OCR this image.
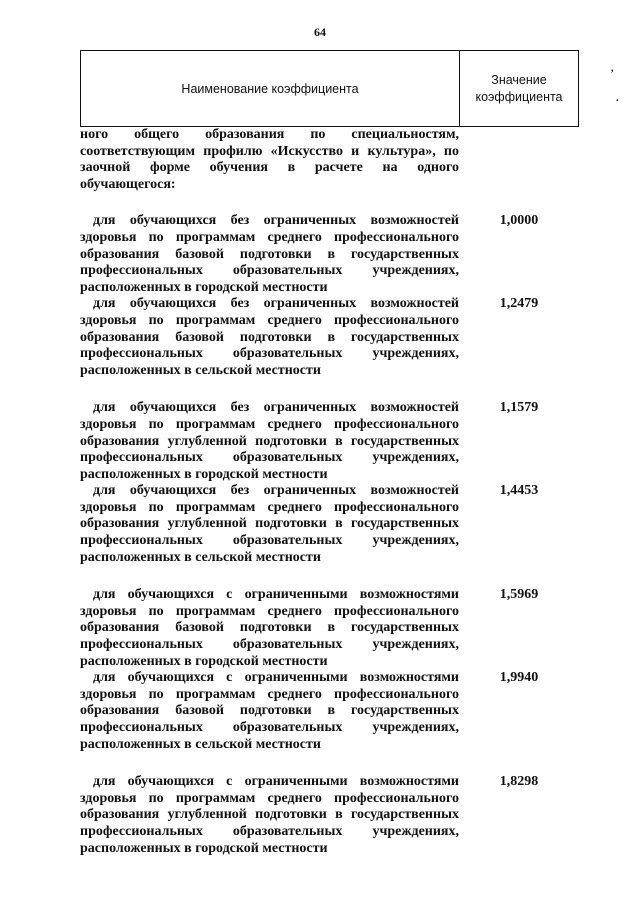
64
Наименование коэффициента
Значение
коэффициента
,
.
ного общего образования по специальностям, соответствующим профилю «Искусство и культура», по заочной форме обучения в расчете на одного обучающегося:
для обучающихся без ограниченных возможностей здоровья по программам среднего профессионального образования базовой подготовки в государственных профессиональных образовательных учреждениях, расположенных в городской местности
1,0000
для обучающихся без ограниченных возможностей здоровья по программам среднего профессионального образования базовой подготовки в государственных профессиональных образовательных учреждениях, расположенных в сельской местности
1,2479
для обучающихся без ограниченных возможностей здоровья по программам среднего профессионального образования углубленной подготовки в государственных профессиональных образовательных учреждениях, расположенных в городской местности
1,1579
для обучающихся без ограниченных возможностей здоровья по программам среднего профессионального образования углубленной подготовки в государственных профессиональных образовательных учреждениях, расположенных в сельской местности
1,4453
для обучающихся с ограниченными возможностями здоровья по программам среднего профессионального образования базовой подготовки в государственных профессиональных образовательных учреждениях, расположенных в городской местности
1,5969
для обучающихся с ограниченными возможностями здоровья по программам среднего профессионального образования базовой подготовки в государственных профессиональных образовательных учреждениях, расположенных в сельской местности
1,9940
для обучающихся с ограниченными возможностями здоровья по программам среднего профессионального образования углубленной подготовки в государственных профессиональных образовательных учреждениях, расположенных в городской местности
1,8298
